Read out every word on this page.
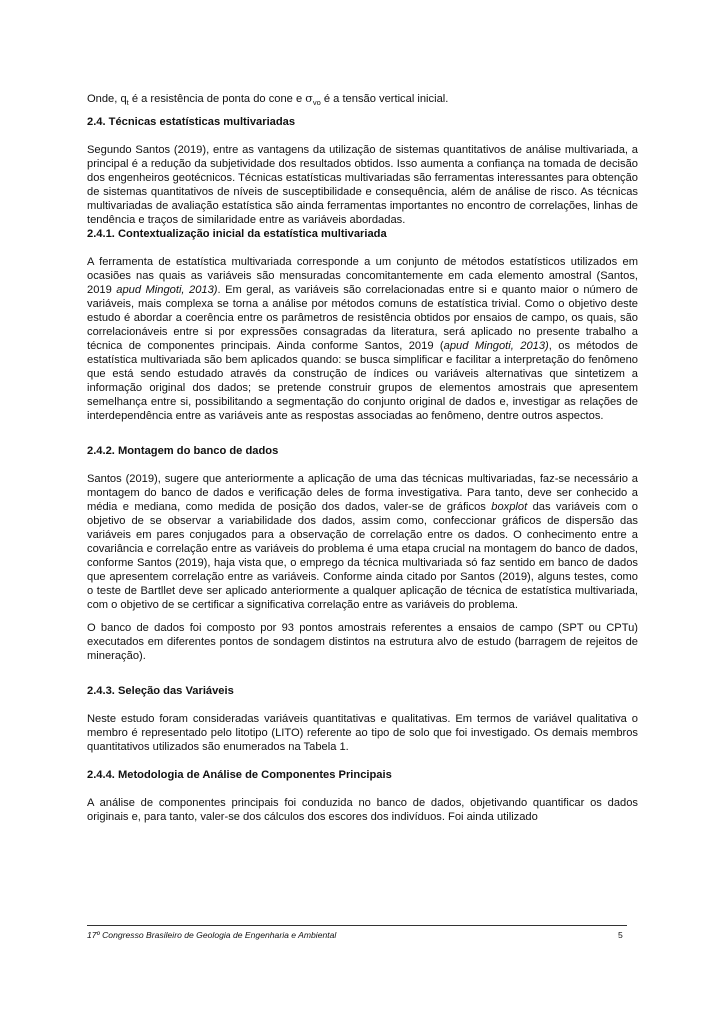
Onde, $q_t$ é a resistência de ponta do cone e $\sigma_{vo}$ é a tensão vertical inicial.

2.4. Técnicas estatísticas multivariadas

Segundo Santos (2019), entre as vantagens da utilização de sistemas quantitativos de análise multivariada, a principal é a redução da subjetividade dos resultados obtidos. Isso aumenta a confiança na tomada de decisão dos engenheiros geotécnicos. Técnicas estatísticas multivariadas são ferramentas interessantes para obtenção de sistemas quantitativos de níveis de susceptibilidade e consequência, além de análise de risco. As técnicas multivariadas de avaliação estatística são ainda ferramentas importantes no encontro de correlações, linhas de tendência e traços de similaridade entre as variáveis abordadas.

2.4.1. Contextualização inicial da estatística multivariada

A ferramenta de estatística multivariada corresponde a um conjunto de métodos estatísticos utilizados em ocasiões nas quais as variáveis são mensuradas concomitantemente em cada elemento amostral (Santos, 2019 apud Mingoti, 2013). Em geral, as variáveis são correlacionadas entre si e quanto maior o número de variáveis, mais complexa se torna a análise por métodos comuns de estatística trivial. Como o objetivo deste estudo é abordar a coerência entre os parâmetros de resistência obtidos por ensaios de campo, os quais, são correlacionáveis entre si por expressões consagradas da literatura, será aplicado no presente trabalho a técnica de componentes principais. Ainda conforme Santos, 2019 (apud Mingoti, 2013), os métodos de estatística multivariada são bem aplicados quando: se busca simplificar e facilitar a interpretação do fenômeno que está sendo estudado através da construção de índices ou variáveis alternativas que sintetizem a informação original dos dados; se pretende construir grupos de elementos amostrais que apresentem semelhança entre si, possibilitando a segmentação do conjunto original de dados e, investigar as relações de interdependência entre as variáveis ante as respostas associadas ao fenômeno, dentre outros aspectos.

2.4.2. Montagem do banco de dados

Santos (2019), sugere que anteriormente a aplicação de uma das técnicas multivariadas, faz-se necessário a montagem do banco de dados e verificação deles de forma investigativa. Para tanto, deve ser conhecido a média e mediana, como medida de posição dos dados, valer-se de gráficos boxplot das variáveis com o objetivo de se observar a variabilidade dos dados, assim como, confeccionar gráficos de dispersão das variáveis em pares conjugados para a observação de correlação entre os dados. O conhecimento entre a covariância e correlação entre as variáveis do problema é uma etapa crucial na montagem do banco de dados, conforme Santos (2019), haja vista que, o emprego da técnica multivariada só faz sentido em banco de dados que apresentem correlação entre as variáveis. Conforme ainda citado por Santos (2019), alguns testes, como o teste de Bartllet deve ser aplicado anteriormente a qualquer aplicação de técnica de estatística multivariada, com o objetivo de se certificar a significativa correlação entre as variáveis do problema.

O banco de dados foi composto por 93 pontos amostrais referentes a ensaios de campo (SPT ou CPTu) executados em diferentes pontos de sondagem distintos na estrutura alvo de estudo (barragem de rejeitos de mineração).

2.4.3. Seleção das Variáveis

Neste estudo foram consideradas variáveis quantitativas e qualitativas. Em termos de variável qualitativa o membro é representado pelo litotipo (LITO) referente ao tipo de solo que foi investigado. Os demais membros quantitativos utilizados são enumerados na Tabela 1.

2.4.4. Metodologia de Análise de Componentes Principais

A análise de componentes principais foi conduzida no banco de dados, objetivando quantificar os dados originais e, para tanto, valer-se dos cálculos dos escores dos indivíduos. Foi ainda utilizado

17º Congresso Brasileiro de Geologia de Engenharia e Ambiental	5
